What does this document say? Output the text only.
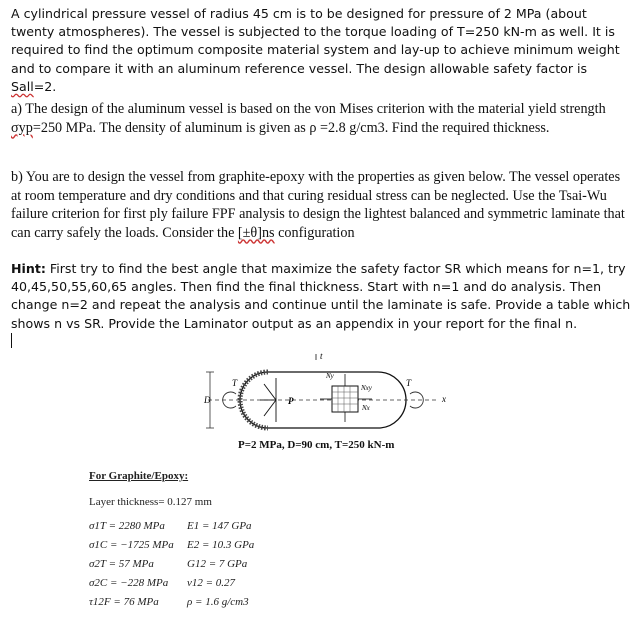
A cylindrical pressure vessel of radius 45 cm is to be designed for pressure of 2 MPa (about twenty atmospheres). The vessel is subjected to the torque loading of T=250 kN-m as well. It is required to find the optimum composite material system and lay-up to achieve minimum weight and to compare it with an aluminum reference vessel. The design allowable safety factor is Sall=2.

a) The design of the aluminum vessel is based on the von Mises criterion with the material yield strength σyp=250 MPa. The density of aluminum is given as ρ =2.8 g/cm3. Find the required thickness.

b) You are to design the vessel from graphite-epoxy with the properties as given below. The vessel operates at room temperature and dry conditions and that curing residual stress can be neglected. Use the Tsai-Wu failure criterion for first ply failure FPF analysis to design the lightest balanced and symmetric laminate that can carry safely the loads. Consider the [±θ]ns configuration

Hint: First try to find the best angle that maximize the safety factor SR which means for n=1, try 40,45,50,55,60,65 angles. Then find the final thickness. Start with n=1 and do analysis. Then change n=2 and repeat the analysis and continue until the laminate is safe. Provide a table which shows n vs SR. Provide the Laminator output as an appendix in your report for the final n.

t
T	T
D	P
Ny
Nxy
Nx
x
P=2 MPa, D=90 cm, T=250 kN-m
For Graphite/Epoxy:
Layer thickness= 0.127 mm
σ1T = 2280 MPa E1 = 147 GPa
σ1C = −1725 MPa E2 = 10.3 GPa
σ2T = 57 MPa	G12 = 7 GPa
σ2C = −228 MPa ν12 = 0.27
τ12F = 76 MPa	ρ = 1.6 g/cm3
